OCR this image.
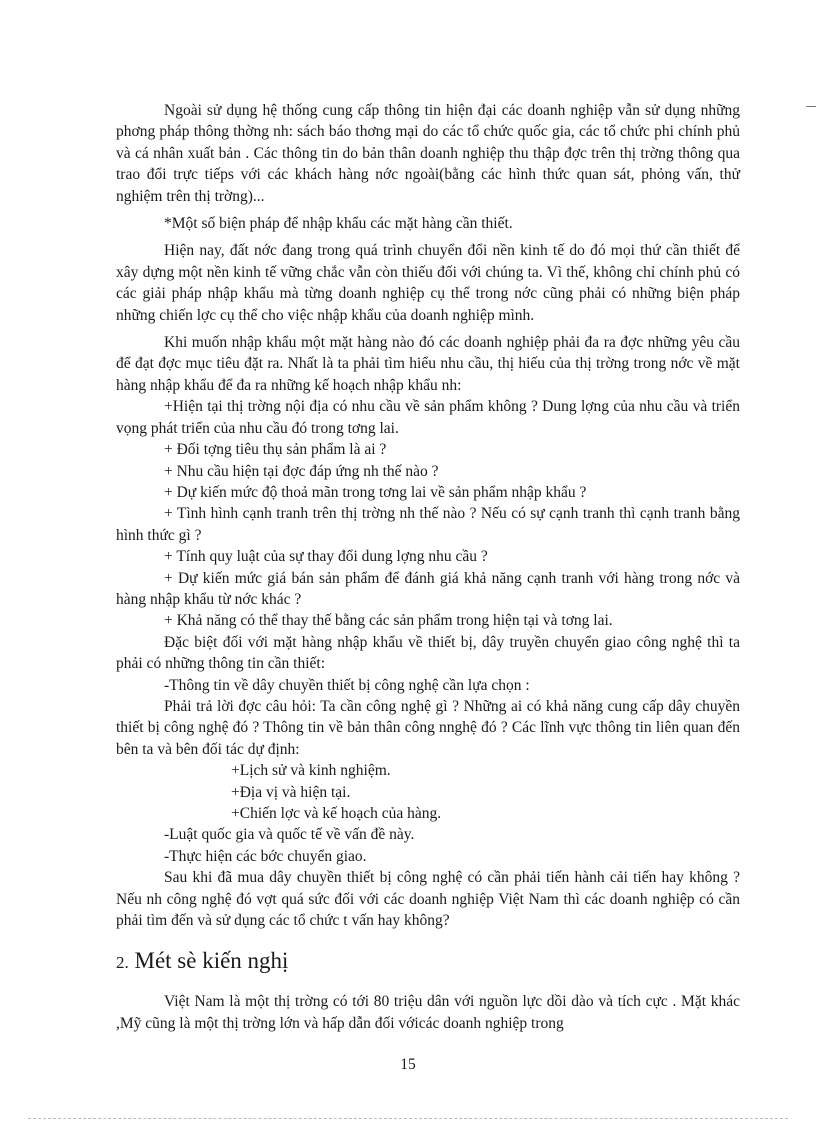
Ngoài sử dụng hệ thống cung cấp thông tin hiện đại các doanh nghiệp vẫn sử dụng những phơng pháp thông thờng nh: sách báo thơng mại do các tổ chức quốc gia, các tổ chức phi chính phủ và cá nhân xuất bản . Các thông tin do bản thân doanh nghiệp thu thập đợc trên thị trờng thông qua trao đổi trực tiếps với các khách hàng nớc ngoài(bằng các hình thức quan sát, phỏng vấn, thử nghiệm trên thị trờng)...

*Một số biện pháp để nhập khẩu các mặt hàng cần thiết.

Hiện nay, đất nớc đang trong quá trình chuyển đổi nền kinh tế do đó mọi thứ cần thiết để xây dựng một nền kinh tế vững chắc vẫn còn thiếu đối với chúng ta. Vì thế, không chỉ chính phủ có các giải pháp nhập khẩu mà từng doanh nghiệp cụ thể trong nớc cũng phải có những biện pháp những chiến lợc cụ thể cho việc nhập khẩu của doanh nghiệp mình.

Khi muốn nhập khẩu một mặt hàng nào đó các doanh nghiệp phải đa ra đợc những yêu cầu để đạt đợc mục tiêu đặt ra. Nhất là ta phải tìm hiểu nhu cầu, thị hiếu của thị trờng trong nớc về mặt hàng nhập khẩu để đa ra những kế hoạch nhập khẩu nh:

+Hiện tại thị trờng nội địa có nhu cầu về sản phẩm không ? Dung lợng của nhu cầu và triển vọng phát triển của nhu cầu đó trong tơng lai.

+ Đối tợng tiêu thụ sản phẩm là ai ?

+ Nhu cầu hiện tại đợc đáp ứng nh thế nào ?

+ Dự kiến mức độ thoả mãn trong tơng lai về sản phẩm nhập khẩu ?

+ Tình hình cạnh tranh trên thị trờng nh thế nào ? Nếu có sự cạnh tranh thì cạnh tranh bằng hình thức gì ?

+ Tính quy luật của sự thay đổi dung lợng nhu cầu ?

+ Dự kiến mức giá bán sản phẩm để đánh giá khả năng cạnh tranh với hàng trong nớc và hàng nhập khẩu từ nớc khác ?

+ Khả năng có thể thay thế bằng các sản phẩm trong hiện tại và tơng lai.

Đặc biệt đối với mặt hàng nhập khẩu về thiết bị, dây truyền chuyển giao công nghệ thì ta phải có những thông tin cần thiết:

-Thông tin về dây chuyền thiết bị công nghệ cần lựa chọn :

Phải trả lời đợc câu hỏi: Ta cần công nghệ gì ? Những ai có khả năng cung cấp dây chuyền thiết bị công nghệ đó ? Thông tin về bản thân công nnghệ đó ? Các lĩnh vực thông tin liên quan đến bên ta và bên đối tác dự định:

+Lịch sử và kinh nghiệm.

+Địa vị và hiện tại.

+Chiến lợc và kế hoạch của hàng.

-Luật quốc gia và quốc tế về vấn đề này.

-Thực hiện các bớc chuyển giao.

Sau khi đã mua dây chuyền thiết bị công nghệ có cần phải tiến hành cải tiến hay không ? Nếu nh công nghệ đó vợt quá sức đối với các doanh nghiệp Việt Nam thì các doanh nghiệp có cần phải tìm đến và sử dụng các tổ chức t vấn hay không?

2. Mét sè kiến nghị

Việt Nam là một thị trờng có tới 80 triệu dân với nguồn lực dồi dào và tích cực . Mặt khác ,Mỹ cũng là một thị trờng lớn và hấp dẫn đối vớicác doanh nghiệp trong

15
